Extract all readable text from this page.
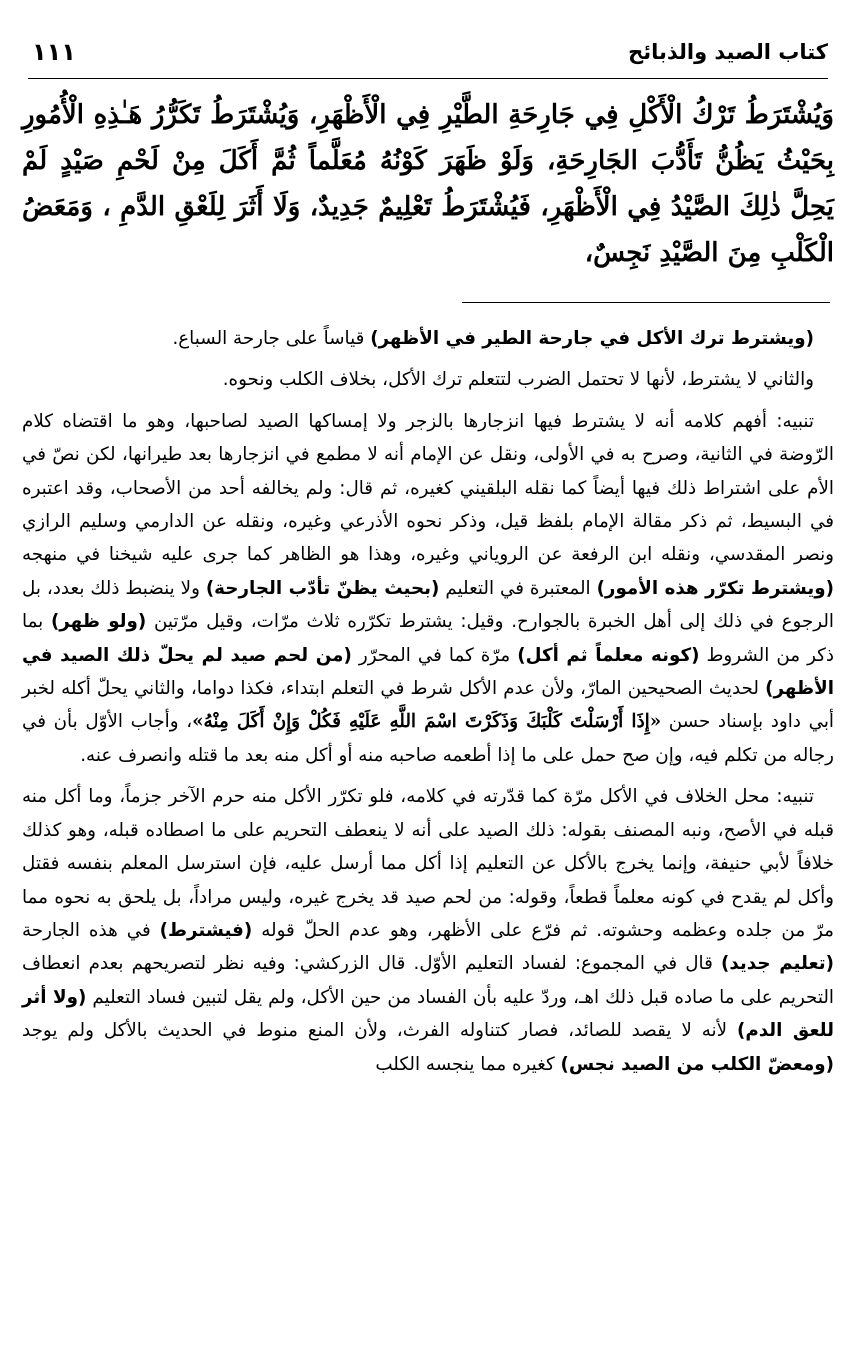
١١١	كتاب الصيد والذبائح
وَيُشْتَرَطُ تَرْكُ الْأَكْلِ فِي جَارِحَةِ الطَّيْرِ فِي الْأَظْهَرِ، وَيُشْتَرَطُ تَكَرُّرُ هَـٰذِهِ الْأُمُورِ بِحَيْثُ يَظُنُّ تَأَدُّبَ الجَارِحَةِ، وَلَوْ ظَهَرَ كَوْنُهُ مُعَلَّماً ثُمَّ أَكَلَ مِنْ لَحْمِ صَيْدٍ لَمْ يَحِلَّ ذٰلِكَ الصَّيْدُ فِي الْأَظْهَرِ، فَيُشْتَرَطُ تَعْلِيمٌ جَدِيدٌ، وَلَا أَثَرَ لِلَعْقِ الدَّمِ ، وَمَعَضُ الْكَلْبِ مِنَ الصَّيْدِ نَجِسٌ،

(ويشترط ترك الأكل في جارحة الطير في الأظهر) قياساً على جارحة السباع.

والثاني لا يشترط، لأنها لا تحتمل الضرب لتتعلم ترك الأكل، بخلاف الكلب ونحوه.

تنبيه: أفهم كلامه أنه لا يشترط فيها انزجارها بالزجر ولا إمساكها الصيد لصاحبها، وهو ما اقتضاه كلام الرّوضة في الثانية، وصرح به في الأولى، ونقل عن الإمام أنه لا مطمع في انزجارها بعد طيرانها، لكن نصّ في الأم على اشتراط ذلك فيها أيضاً كما نقله البلقيني كغيره، ثم قال: ولم يخالفه أحد من الأصحاب، وقد اعتبره في البسيط، ثم ذكر مقالة الإمام بلفظ قيل، وذكر نحوه الأذرعي وغيره، ونقله عن الدارمي وسليم الرازي ونصر المقدسي، ونقله ابن الرفعة عن الروياني وغيره، وهذا هو الظاهر كما جرى عليه شيخنا في منهجه (ويشترط تكرّر هذه الأمور) المعتبرة في التعليم (بحيث يظنّ تأدّب الجارحة) ولا ينضبط ذلك بعدد، بل الرجوع في ذلك إلى أهل الخبرة بالجوارح. وقيل: يشترط تكرّره ثلاث مرّات، وقيل مرّتين (ولو ظهر) بما ذكر من الشروط (كونه معلماً ثم أكل) مرّة كما في المحرّر (من لحم صيد لم يحلّ ذلك الصيد في الأظهر) لحديث الصحيحين المارّ، ولأن عدم الأكل شرط في التعلم ابتداء، فكذا دواما، والثاني يحلّ أكله لخبر أبي داود بإسناد حسن «إِذَا أَرْسَلْتَ كَلْبَكَ وَذَكَرْتَ اسْمَ اللَّهِ عَلَيْهِ فَكُلْ وَإِنْ أَكَلَ مِنْهُ»، وأجاب الأوّل بأن في رجاله من تكلم فيه، وإن صح حمل على ما إذا أطعمه صاحبه منه أو أكل منه بعد ما قتله وانصرف عنه.

تنبيه: محل الخلاف في الأكل مرّة كما قدّرته في كلامه، فلو تكرّر الأكل منه حرم الآخر جزماً، وما أكل منه قبله في الأصح، ونبه المصنف بقوله: ذلك الصيد على أنه لا ينعطف التحريم على ما اصطاده قبله، وهو كذلك خلافاً لأبي حنيفة، وإنما يخرج بالأكل عن التعليم إذا أكل مما أرسل عليه، فإن استرسل المعلم بنفسه فقتل وأكل لم يقدح في كونه معلماً قطعاً، وقوله: من لحم صيد قد يخرج غيره، وليس مراداً، بل يلحق به نحوه مما مرّ من جلده وعظمه وحشوته. ثم فرّع على الأظهر، وهو عدم الحلّ قوله (فيشترط) في هذه الجارحة (تعليم جديد) قال في المجموع: لفساد التعليم الأوّل. قال الزركشي: وفيه نظر لتصريحهم بعدم انعطاف التحريم على ما صاده قبل ذلك اهـ، وردّ عليه بأن الفساد من حين الأكل، ولم يقل لتبين فساد التعليم (ولا أثر للعق الدم) لأنه لا يقصد للصائد، فصار كتناوله الفرث، ولأن المنع منوط في الحديث بالأكل ولم يوجد (ومعضّ الكلب من الصيد نجس) كغيره مما ينجسه الكلب
